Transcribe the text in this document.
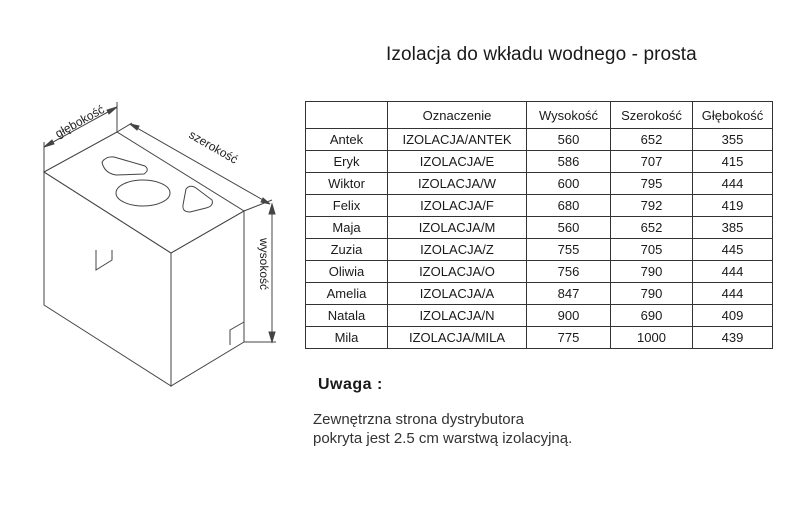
Izolacja do wkładu wodnego - prosta
głębokość
szerokość
wysokość
	Oznaczenie	Wysokość	Szerokość	Głębokość
Antek	IZOLACJA/ANTEK	560	652	355
Eryk	IZOLACJA/E	586	707	415
Wiktor	IZOLACJA/W	600	795	444
Felix	IZOLACJA/F	680	792	419
Maja	IZOLACJA/M	560	652	385
Zuzia	IZOLACJA/Z	755	705	445
Oliwia	IZOLACJA/O	756	790	444
Amelia	IZOLACJA/A	847	790	444
Natala	IZOLACJA/N	900	690	409
Mila	IZOLACJA/MILA	775	1000	439
Uwaga :
Zewnętrzna strona dystrybutora
pokryta jest 2.5 cm warstwą izolacyjną.
